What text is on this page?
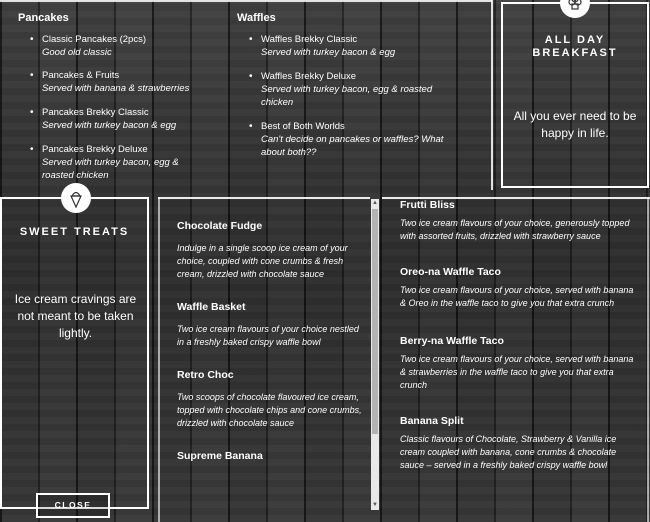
Pancakes
• Classic Pancakes (2pcs)
Good old classic
• Pancakes & Fruits
Served with banana & strawberries
• Pancakes Brekky Classic
Served with turkey bacon & egg
• Pancakes Brekky Deluxe
Served with turkey bacon, egg & roasted chicken
Waffles
• Waffles Brekky Classic
Served with turkey bacon & egg
• Waffles Brekky Deluxe
Served with turkey bacon, egg & roasted chicken
• Best of Both Worlds
Can't decide on pancakes or waffles? What about both??
ALL DAY BREAKFAST
All you ever need to be happy in life.
SWEET TREATS
Ice cream cravings are not meant to be taken lightly.
CLOSE
Chocolate Fudge
Indulge in a single scoop ice cream of your choice, coupled with cone crumbs & fresh cream, drizzled with chocolate sauce
Waffle Basket
Two ice cream flavours of your choice nestled in a freshly baked crispy waffle bowl
Retro Choc
Two scoops of chocolate flavoured ice cream, topped with chocolate chips and cone crumbs, drizzled with chocolate sauce
Supreme Banana
▲
▼
Frutti Bliss
Two ice cream flavours of your choice, generously topped with assorted fruits, drizzled with strawberry sauce
Oreo-na Waffle Taco
Two ice cream flavours of your choice, served with banana & Oreo in the waffle taco to give you that extra crunch
Berry-na Waffle Taco
Two ice cream flavours of your choice, served with banana & strawberries in the waffle taco to give you that extra crunch
Banana Split
Classic flavours of Chocolate, Strawberry & Vanilla ice cream coupled with banana, cone crumbs & chocolate sauce – served in a freshly baked crispy waffle bowl
